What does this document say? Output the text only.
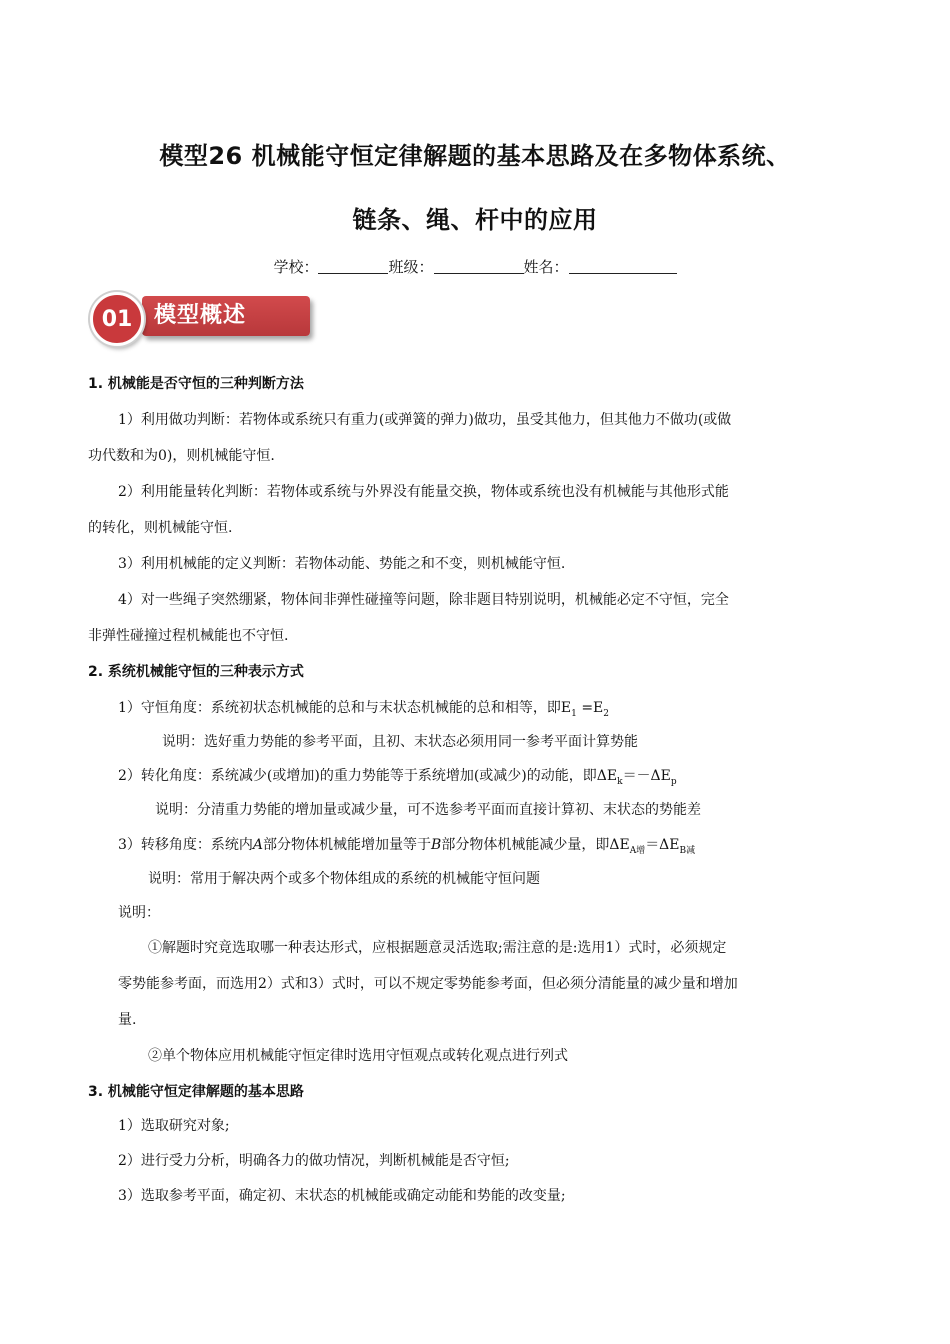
模型26 机械能守恒定律解题的基本思路及在多物体系统、
链条、绳、杆中的应用
学校：	班级：	姓名：
模型概述
01
1. 机械能是否守恒的三种判断方法
1）利用做功判断：若物体或系统只有重力(或弹簧的弹力)做功，虽受其他力，但其他力不做功(或做
功代数和为0)，则机械能守恒.
2）利用能量转化判断：若物体或系统与外界没有能量交换，物体或系统也没有机械能与其他形式能
的转化，则机械能守恒.
3）利用机械能的定义判断：若物体动能、势能之和不变，则机械能守恒.
4）对一些绳子突然绷紧，物体间非弹性碰撞等问题，除非题目特别说明，机械能必定不守恒，完全
非弹性碰撞过程机械能也不守恒.
2. 系统机械能守恒的三种表示方式
1）守恒角度：系统初状态机械能的总和与末状态机械能的总和相等，即$E_1 =E_2$
说明：选好重力势能的参考平面，且初、末状态必须用同一参考平面计算势能
2）转化角度：系统减少(或增加)的重力势能等于系统增加(或减少)的动能，即$\Delta E_k=-\Delta E_p$
说明：分清重力势能的增加量或减少量，可不选参考平面而直接计算初、末状态的势能差
3）转移角度：系统内A部分物体机械能增加量等于B部分物体机械能减少量，即$\Delta E_{A增}=\Delta E_{B减}$
说明：常用于解决两个或多个物体组成的系统的机械能守恒问题
说明：
①解题时究竟选取哪一种表达形式，应根据题意灵活选取;需注意的是:选用1）式时，必须规定
零势能参考面，而选用2）式和3）式时，可以不规定零势能参考面，但必须分清能量的减少量和增加
量.
②单个物体应用机械能守恒定律时选用守恒观点或转化观点进行列式
3. 机械能守恒定律解题的基本思路
1）选取研究对象;
2）进行受力分析，明确各力的做功情况，判断机械能是否守恒;
3）选取参考平面，确定初、末状态的机械能或确定动能和势能的改变量;
